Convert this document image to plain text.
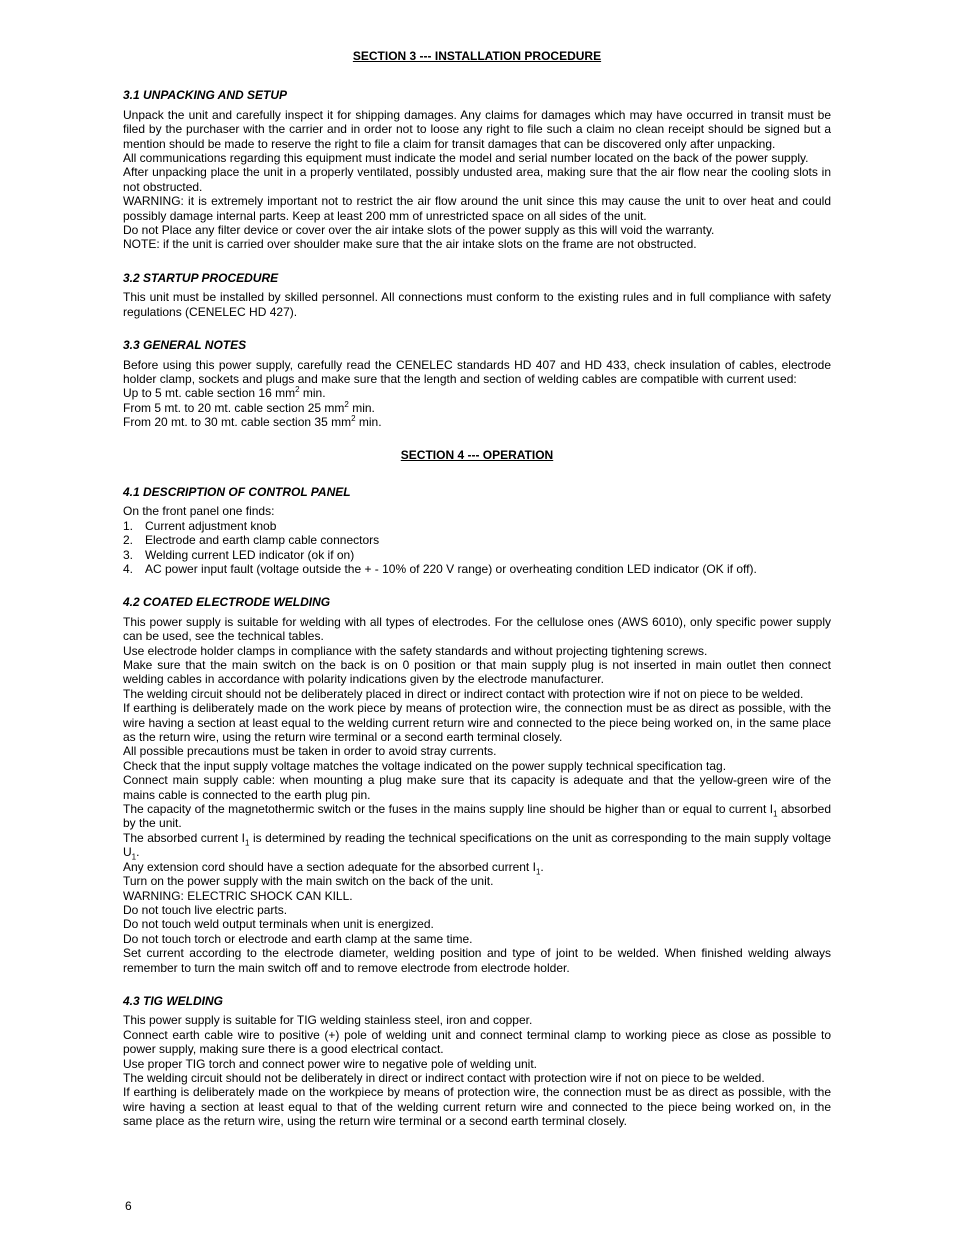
SECTION 3 --- INSTALLATION PROCEDURE
3.1 UNPACKING AND SETUP

Unpack the unit and carefully inspect it for shipping damages. Any claims for damages which may have occurred in transit must be filed by the purchaser with the carrier and in order not to loose any right to file such a claim no clean receipt should be signed but a mention should be made to reserve the right to file a claim for transit damages that can be discovered only after unpacking.

All communications regarding this equipment must indicate the model and serial number located on the back of the power supply.

After unpacking place the unit in a properly ventilated, possibly undusted area, making sure that the air flow near the cooling slots in not obstructed.

WARNING: it is extremely important not to restrict the air flow around the unit since this may cause the unit to over heat and could possibly damage internal parts. Keep at least 200 mm of unrestricted space on all sides of the unit.

Do not Place any filter device or cover over the air intake slots of the power supply as this will void the warranty.

NOTE: if the unit is carried over shoulder make sure that the air intake slots on the frame are not obstructed.

3.2 STARTUP PROCEDURE

This unit must be installed by skilled personnel. All connections must conform to the existing rules and in full compliance with safety regulations (CENELEC HD 427).

3.3 GENERAL NOTES

Before using this power supply, carefully read the CENELEC standards HD 407 and HD 433, check insulation of cables, electrode holder clamp, sockets and plugs and make sure that the length and section of welding cables are compatible with current used:

Up to 5 mt. cable section 16 $mm^2$ min.

From 5 mt. to 20 mt. cable section 25 $mm^2$ min.

From 20 mt. to 30 mt. cable section 35 $mm^2$ min.

SECTION 4 --- OPERATION
4.1 DESCRIPTION OF CONTROL PANEL

On the front panel one finds:

1. Current adjustment knob
2. Electrode and earth clamp cable connectors
3. Welding current LED indicator (ok if on)
4. AC power input fault (voltage outside the + - 10% of 220 V range) or overheating condition LED indicator (OK if off).
4.2 COATED ELECTRODE WELDING

This power supply is suitable for welding with all types of electrodes. For the cellulose ones (AWS 6010), only specific power supply can be used, see the technical tables.

Use electrode holder clamps in compliance with the safety standards and without projecting tightening screws.

Make sure that the main switch on the back is on 0 position or that main supply plug is not inserted in main outlet then connect welding cables in accordance with polarity indications given by the electrode manufacturer.

The welding circuit should not be deliberately placed in direct or indirect contact with protection wire if not on piece to be welded.

If earthing is deliberately made on the work piece by means of protection wire, the connection must be as direct as possible, with the wire having a section at least equal to the welding current return wire and connected to the piece being worked on, in the same place as the return wire, using the return wire terminal or a second earth terminal closely.

All possible precautions must be taken in order to avoid stray currents.

Check that the input supply voltage matches the voltage indicated on the power supply technical specification tag.

Connect main supply cable: when mounting a plug make sure that its capacity is adequate and that the yellow-green wire of the mains cable is connected to the earth plug pin.

The capacity of the magnetothermic switch or the fuses in the mains supply line should be higher than or equal to current $I_1$ absorbed by the unit.

The absorbed current $I_1$ is determined by reading the technical specifications on the unit as corresponding to the main supply voltage $U_1$.

Any extension cord should have a section adequate for the absorbed current $I_1$.

Turn on the power supply with the main switch on the back of the unit.

WARNING: ELECTRIC SHOCK CAN KILL.

Do not touch live electric parts.

Do not touch weld output terminals when unit is energized.

Do not touch torch or electrode and earth clamp at the same time.

Set current according to the electrode diameter, welding position and type of joint to be welded. When finished welding always remember to turn the main switch off and to remove electrode from electrode holder.

4.3 TIG WELDING

This power supply is suitable for TIG welding stainless steel, iron and copper.

Connect earth cable wire to positive (+) pole of welding unit and connect terminal clamp to working piece as close as possible to power supply, making sure there is a good electrical contact.

Use proper TIG torch and connect power wire to negative pole of welding unit.

The welding circuit should not be deliberately in direct or indirect contact with protection wire if not on piece to be welded.

If earthing is deliberately made on the workpiece by means of protection wire, the connection must be as direct as possible, with the wire having a section at least equal to that of the welding current return wire and connected to the piece being worked on, in the same place as the return wire, using the return wire terminal or a second earth terminal closely.

6
